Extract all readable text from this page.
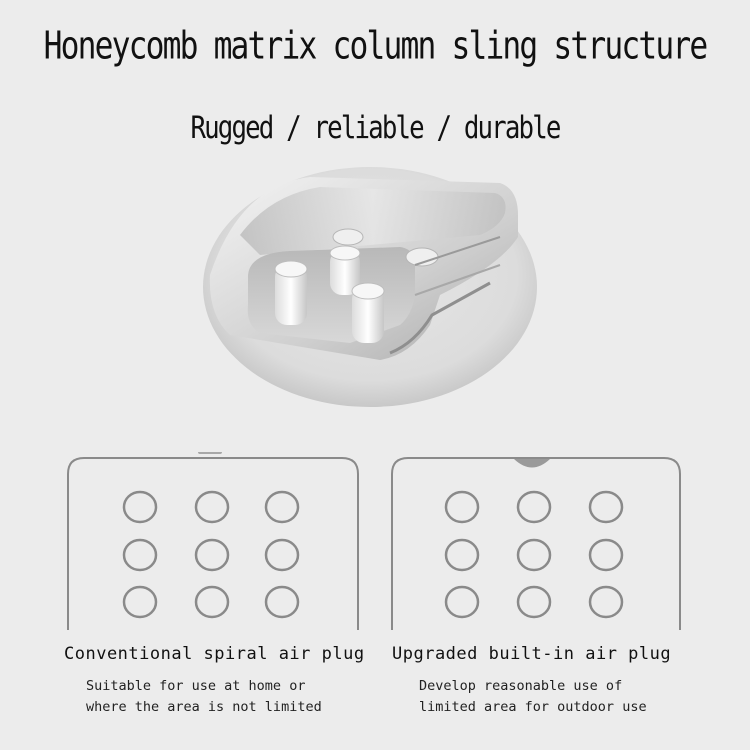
Honeycomb matrix column sling structure
Rugged / reliable / durable
Conventional spiral air plug Upgraded built-in air plug
Suitable for use at home or
where the area is not limited
Develop reasonable use of
limited area for outdoor use
